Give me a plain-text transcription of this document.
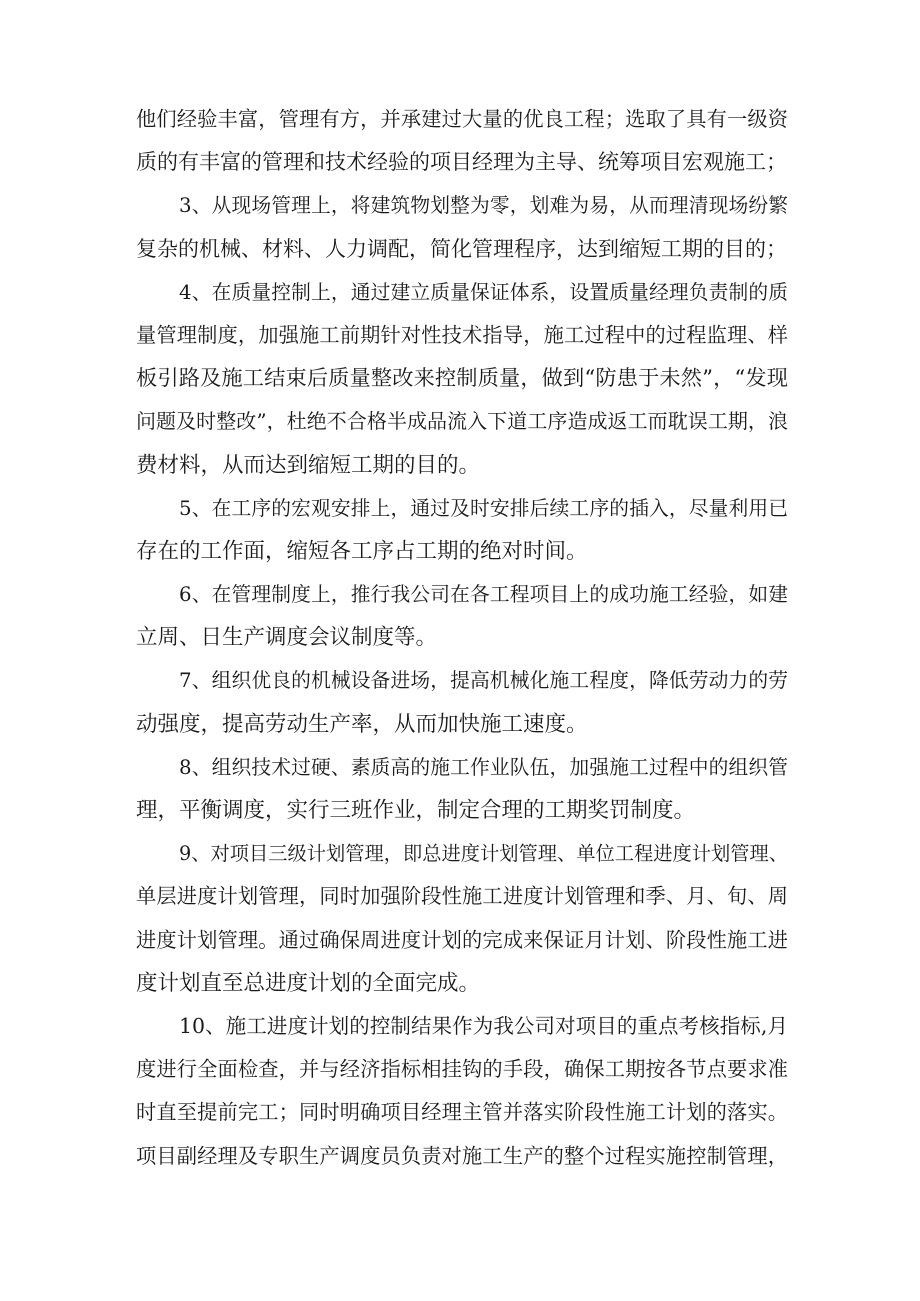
他们经验丰富，管理有方，并承建过大量的优良工程；选取了具有一级资
质的有丰富的管理和技术经验的项目经理为主导、统筹项目宏观施工；
3、从现场管理上，将建筑物划整为零，划难为易，从而理清现场纷繁
复杂的机械、材料、人力调配，简化管理程序，达到缩短工期的目的；
4、在质量控制上，通过建立质量保证体系，设置质量经理负责制的质
量管理制度，加强施工前期针对性技术指导，施工过程中的过程监理、样
板引路及施工结束后质量整改来控制质量，做到“防患于未然”，“发现
问题及时整改”，杜绝不合格半成品流入下道工序造成返工而耽误工期，浪
费材料，从而达到缩短工期的目的。
5、在工序的宏观安排上，通过及时安排后续工序的插入，尽量利用已
存在的工作面，缩短各工序占工期的绝对时间。
6、在管理制度上，推行我公司在各工程项目上的成功施工经验，如建
立周、日生产调度会议制度等。
7、组织优良的机械设备进场，提高机械化施工程度，降低劳动力的劳
动强度，提高劳动生产率，从而加快施工速度。
8、组织技术过硬、素质高的施工作业队伍，加强施工过程中的组织管
理，平衡调度，实行三班作业，制定合理的工期奖罚制度。
9、对项目三级计划管理，即总进度计划管理、单位工程进度计划管理、
单层进度计划管理，同时加强阶段性施工进度计划管理和季、月、旬、周
进度计划管理。通过确保周进度计划的完成来保证月计划、阶段性施工进
度计划直至总进度计划的全面完成。
10、施工进度计划的控制结果作为我公司对项目的重点考核指标,月
度进行全面检查，并与经济指标相挂钩的手段，确保工期按各节点要求准
时直至提前完工；同时明确项目经理主管并落实阶段性施工计划的落实。
项目副经理及专职生产调度员负责对施工生产的整个过程实施控制管理，
